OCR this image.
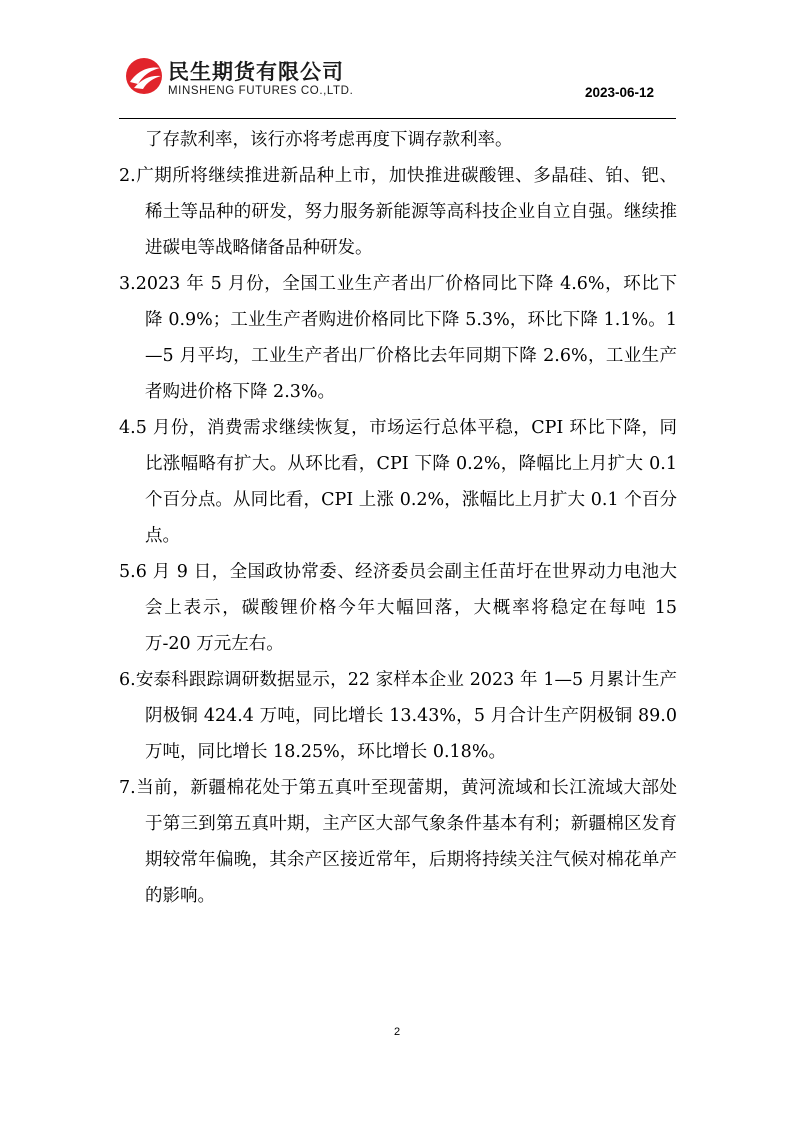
民生期货有限公司
MINSHENG FUTURES CO.,LTD.	2023-06-12

了存款利率，该行亦将考虑再度下调存款利率。

2.广期所将继续推进新品种上市，加快推进碳酸锂、多晶硅、铂、钯、稀土等品种的研发，努力服务新能源等高科技企业自立自强。继续推进碳电等战略储备品种研发。

3.2023 年 5 月份，全国工业生产者出厂价格同比下降 4.6%，环比下降 0.9%；工业生产者购进价格同比下降 5.3%，环比下降 1.1%。1—5 月平均，工业生产者出厂价格比去年同期下降 2.6%，工业生产者购进价格下降 2.3%。

4.5 月份，消费需求继续恢复，市场运行总体平稳，CPI 环比下降，同比涨幅略有扩大。从环比看，CPI 下降 0.2%，降幅比上月扩大 0.1 个百分点。从同比看，CPI 上涨 0.2%，涨幅比上月扩大 0.1 个百分点。

5.6 月 9 日，全国政协常委、经济委员会副主任苗圩在世界动力电池大会上表示，碳酸锂价格今年大幅回落，大概率将稳定在每吨 15 万-20 万元左右。

6.安泰科跟踪调研数据显示，22 家样本企业 2023 年 1—5 月累计生产阴极铜 424.4 万吨，同比增长 13.43%，5 月合计生产阴极铜 89.0 万吨，同比增长 18.25%，环比增长 0.18%。

7.当前，新疆棉花处于第五真叶至现蕾期，黄河流域和长江流域大部处于第三到第五真叶期，主产区大部气象条件基本有利；新疆棉区发育期较常年偏晚，其余产区接近常年，后期将持续关注气候对棉花单产的影响。

2
